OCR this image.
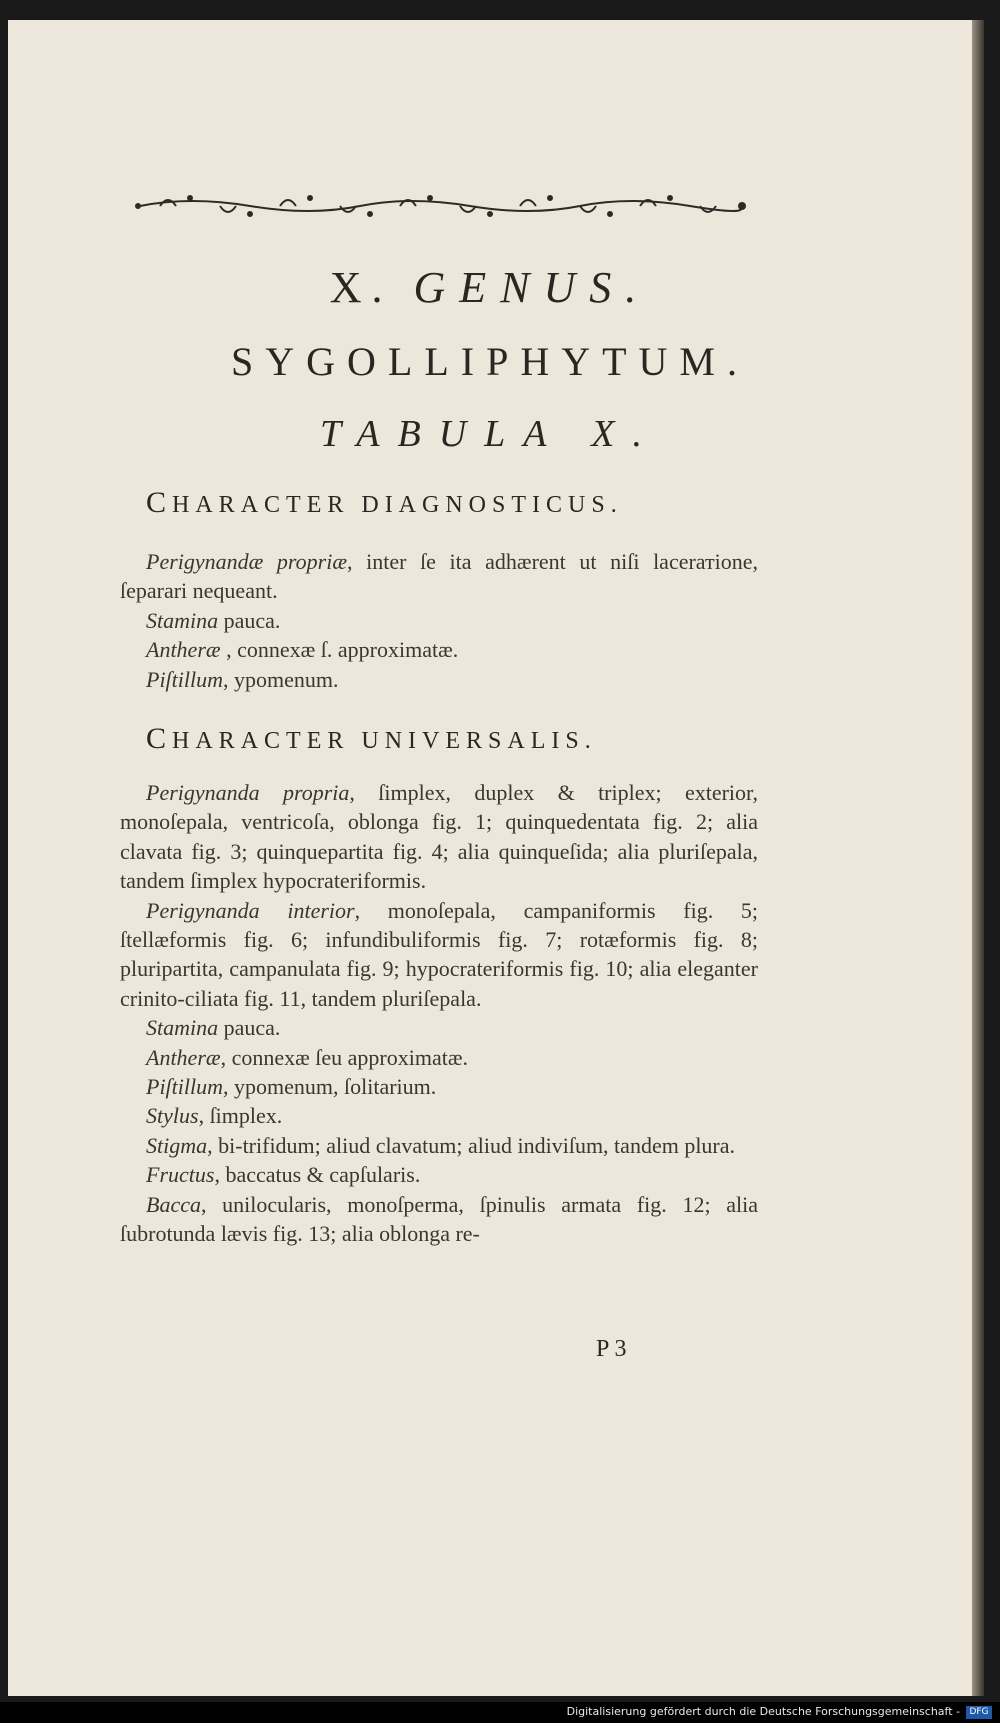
X. GENUS.
SYGOLLIPHYTUM.
TABULA X.
CHARACTER DIAGNOSTICUS.

Perigynandæ propriæ, inter ſe ita adhærent ut niſi lacerатione, ſeparari nequeant.

Stamina pauca.

Antheræ , connexæ ſ. approximatæ.

Piſtillum, ypomenum.

CHARACTER UNIVERSALIS.

Perigynanda propria, ſimplex, duplex & triplex; exterior, monoſepala, ventricoſa, oblonga fig. 1; quinquedentata fig. 2; alia clavata fig. 3; quinquepartita fig. 4; alia quinqueſida; alia pluriſepala, tandem ſimplex hypocrateriformis.

Perigynanda interior, monoſepala, campaniformis fig. 5; ſtellæformis fig. 6; infundibuliformis fig. 7; rotæformis fig. 8; pluripartita, campanulata fig. 9; hypocrateriformis fig. 10; alia eleganter crinito-ciliata fig. 11, tandem pluriſepala.

Stamina pauca.

Antheræ, connexæ ſeu approximatæ.

Piſtillum, ypomenum, ſolitarium.

Stylus, ſimplex.

Stigma, bi-trifidum; aliud clavatum; aliud indiviſum, tandem plura.

Fructus, baccatus & capſularis.

Bacca, unilocularis, monoſperma, ſpinulis armata fig. 12; alia ſubrotunda lævis fig. 13; alia oblonga re-

P 3
Digitalisierung gefördert durch die Deutsche Forschungsgemeinschaft -	DFG
